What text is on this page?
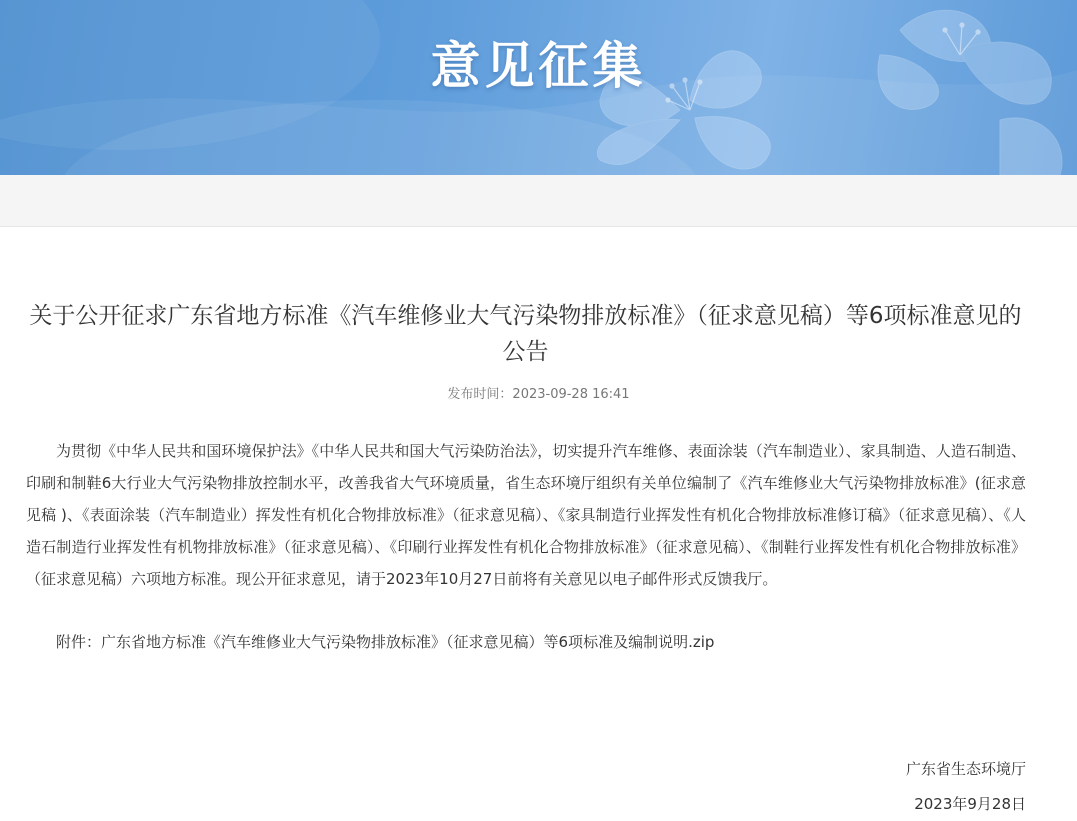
意见征集
关于公开征求广东省地方标准《汽车维修业大气污染物排放标准》（征求意见稿）等6项标准意见的公告
发布时间：2023-09-28 16:41

为贯彻《中华人民共和国环境保护法》《中华人民共和国大气污染防治法》，切实提升汽车维修、表面涂装（汽车制造业）、家具制造、人造石制造、印刷和制鞋6大行业大气污染物排放控制水平，改善我省大气环境质量，省生态环境厅组织有关单位编制了《汽车维修业大气污染物排放标准》(征求意见稿 )、《表面涂装（汽车制造业）挥发性有机化合物排放标准》（征求意见稿）、《家具制造行业挥发性有机化合物排放标准修订稿》（征求意见稿）、《人造石制造行业挥发性有机物排放标准》（征求意见稿）、《印刷行业挥发性有机化合物排放标准》（征求意见稿）、《制鞋行业挥发性有机化合物排放标准》（征求意见稿）六项地方标准。现公开征求意见，请于2023年10月27日前将有关意见以电子邮件形式反馈我厅。

附件：广东省地方标准《汽车维修业大气污染物排放标准》（征求意见稿）等6项标准及编制说明.zip
广东省生态环境厅
2023年9月28日
